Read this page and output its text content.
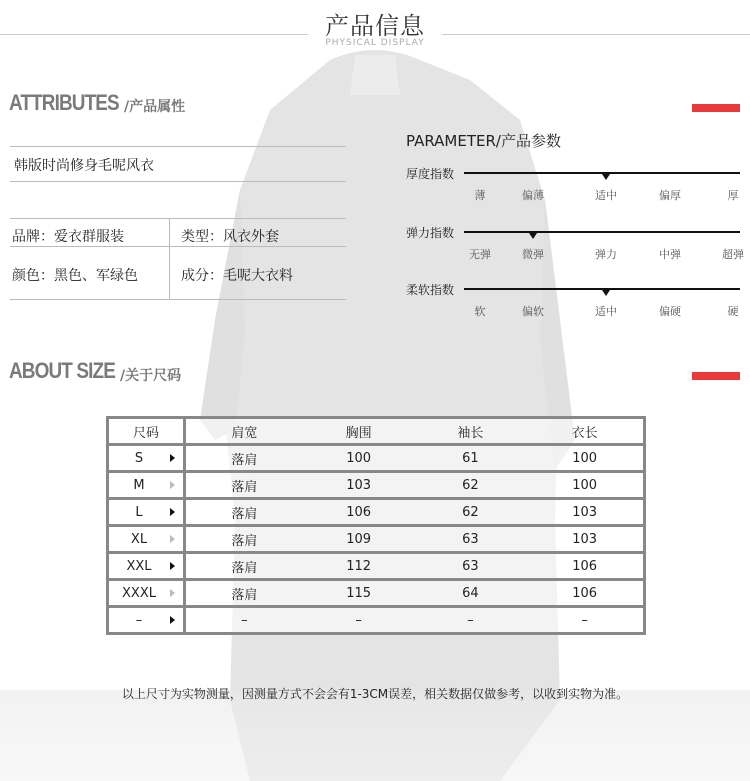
产品信息
PHYSICAL DISPLAY
ATTRIBUTES /产品属性
韩版时尚修身毛呢风衣
品牌：爱衣群服装	类型：风衣外套
颜色：黑色、军绿色	成分：毛呢大衣料
PARAMETER/产品参数
厚度指数
薄	偏薄	适中	偏厚	厚
弹力指数
无弹	微弹	弹力	中弹	超弹
柔软指数
软	偏软	适中	偏硬	硬
ABOUT SIZE /关于尺码
尺码	肩宽	胸围	袖长	衣长
S	落肩	100	61	100
M	落肩	103	62	100
L	落肩	106	62	103
XL	落肩	109	63	103
XXL	落肩	112	63	106
XXXL	落肩	115	64	106
–	–	–	–	–
以上尺寸为实物测量，因测量方式不会会有1-3CM误差，相关数据仅做参考，以收到实物为准。
